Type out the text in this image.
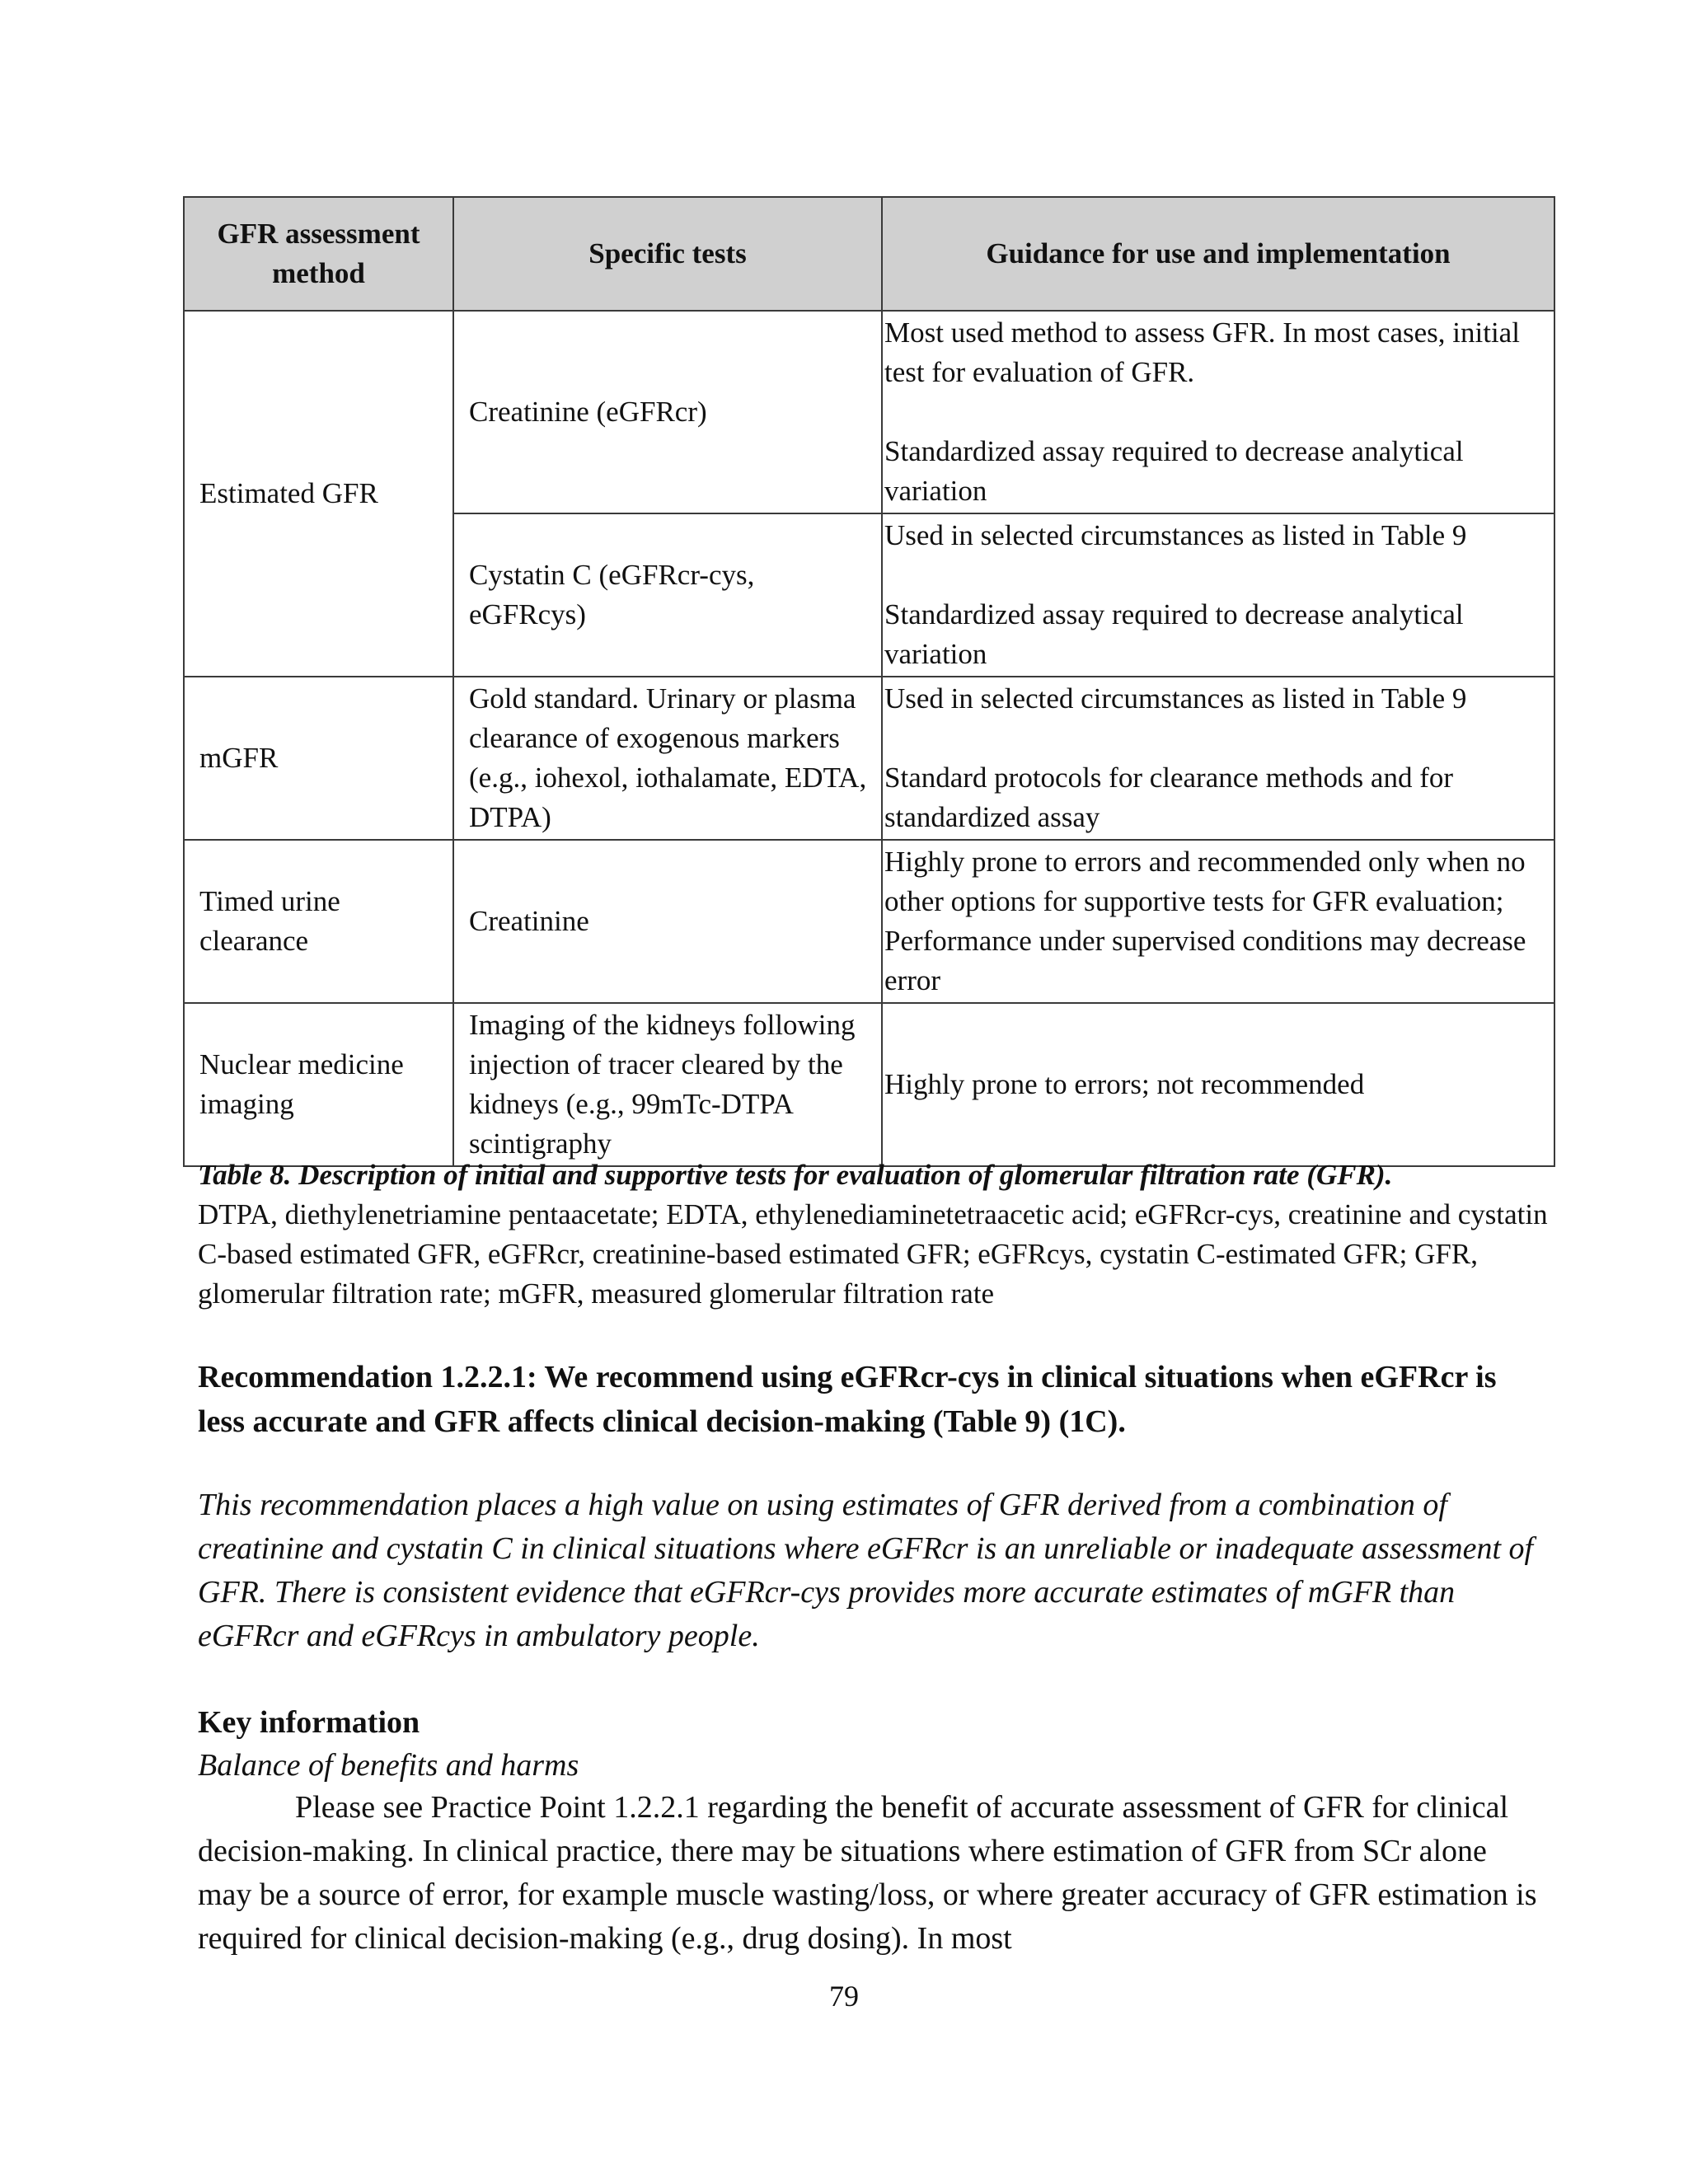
GFR assessment method	Specific tests	Guidance for use and implementation
Estimated GFR	Creatinine (eGFRcr)	Most used method to assess GFR. In most cases, initial test for evaluation of GFR.
Standardized assay required to decrease analytical variation

	Cystatin C (eGFRcr-cys, eGFRcys)	Used in selected circumstances as listed in Table 9
Standardized assay required to decrease analytical variation

mGFR	Gold standard. Urinary or plasma clearance of exogenous markers (e.g., iohexol, iothalamate, EDTA, DTPA)	Used in selected circumstances as listed in Table 9
Standard protocols for clearance methods and for standardized assay

Timed urine clearance	Creatinine	Highly prone to errors and recommended only when no other options for supportive tests for GFR evaluation; Performance under supervised conditions may decrease error
Nuclear medicine imaging	Imaging of the kidneys following injection of tracer cleared by the kidneys (e.g., 99mTc-DTPA scintigraphy	Highly prone to errors; not recommended
Table 8. Description of initial and supportive tests for evaluation of glomerular filtration rate (GFR).
DTPA, diethylenetriamine pentaacetate; EDTA, ethylenediaminetetraacetic acid; eGFRcr-cys, creatinine and cystatin C-based estimated GFR, eGFRcr, creatinine-based estimated GFR; eGFRcys, cystatin C-estimated GFR; GFR, glomerular filtration rate; mGFR, measured glomerular filtration rate
Recommendation 1.2.2.1: We recommend using eGFRcr-cys in clinical situations when eGFRcr is less accurate and GFR affects clinical decision-making (Table 9) (1C).
This recommendation places a high value on using estimates of GFR derived from a combination of creatinine and cystatin C in clinical situations where eGFRcr is an unreliable or inadequate assessment of GFR. There is consistent evidence that eGFRcr-cys provides more accurate estimates of mGFR than eGFRcr and eGFRcys in ambulatory people.
Key information
Balance of benefits and harms
Please see Practice Point 1.2.2.1 regarding the benefit of accurate assessment of GFR for clinical decision-making. In clinical practice, there may be situations where estimation of GFR from SCr alone may be a source of error, for example muscle wasting/loss, or where greater accuracy of GFR estimation is required for clinical decision-making (e.g., drug dosing). In most
79
